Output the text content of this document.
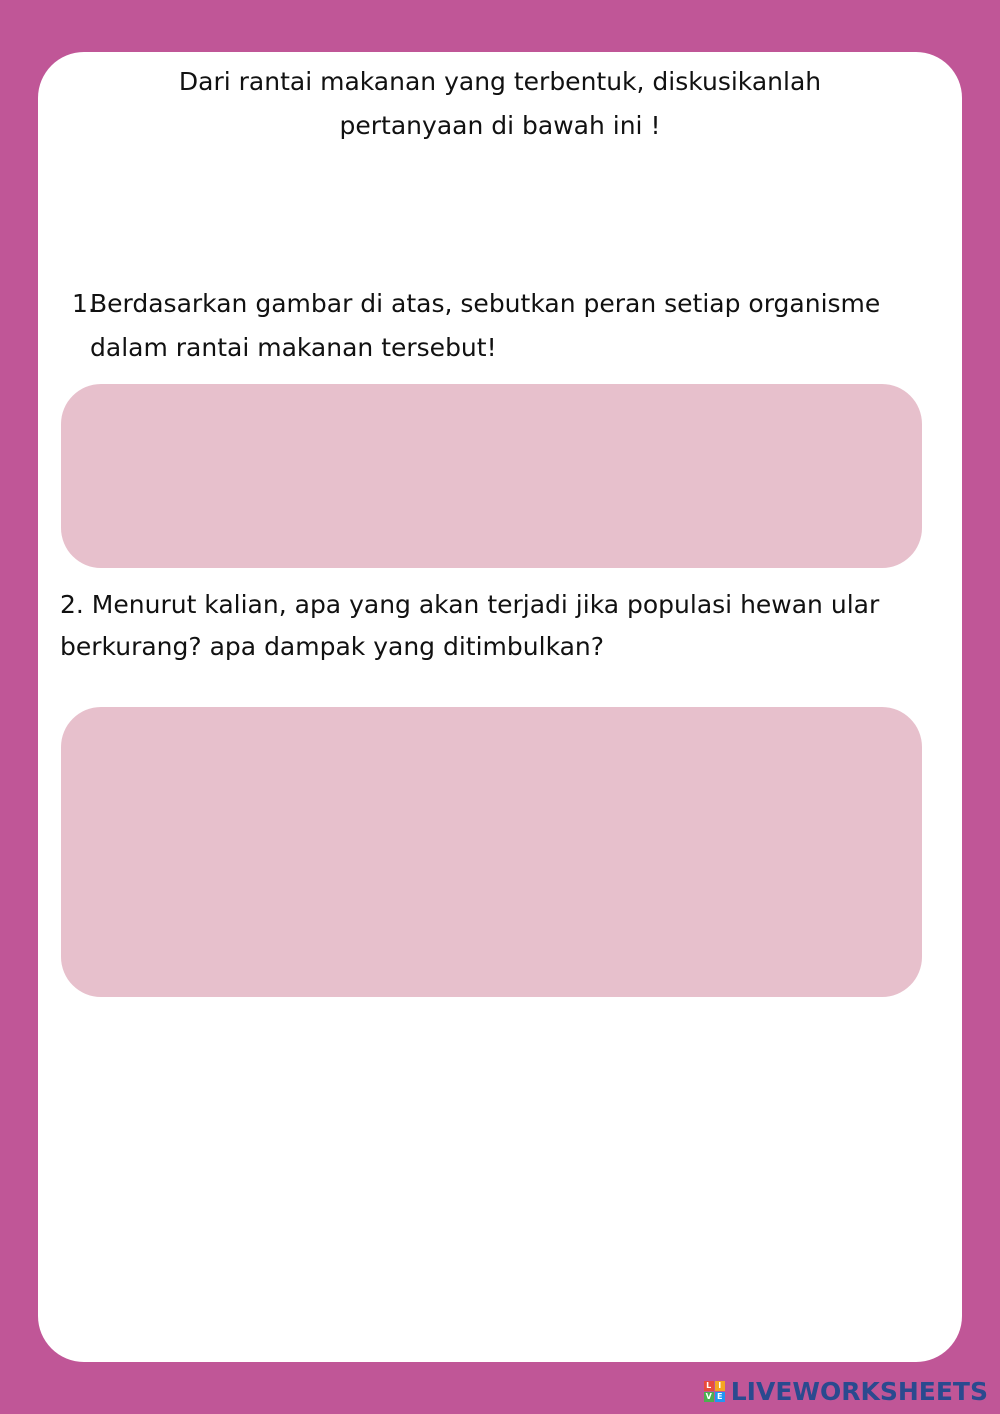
Dari rantai makanan yang terbentuk, diskusikanlah
pertanyaan di bawah ini !

1.Berdasarkan gambar di atas, sebutkan peran setiap organisme
dalam rantai makanan tersebut!

2. Menurut kalian, apa yang akan terjadi jika populasi hewan ular
berkurang? apa dampak yang ditimbulkan?

L I
V E LIVEWORKSHEETS
